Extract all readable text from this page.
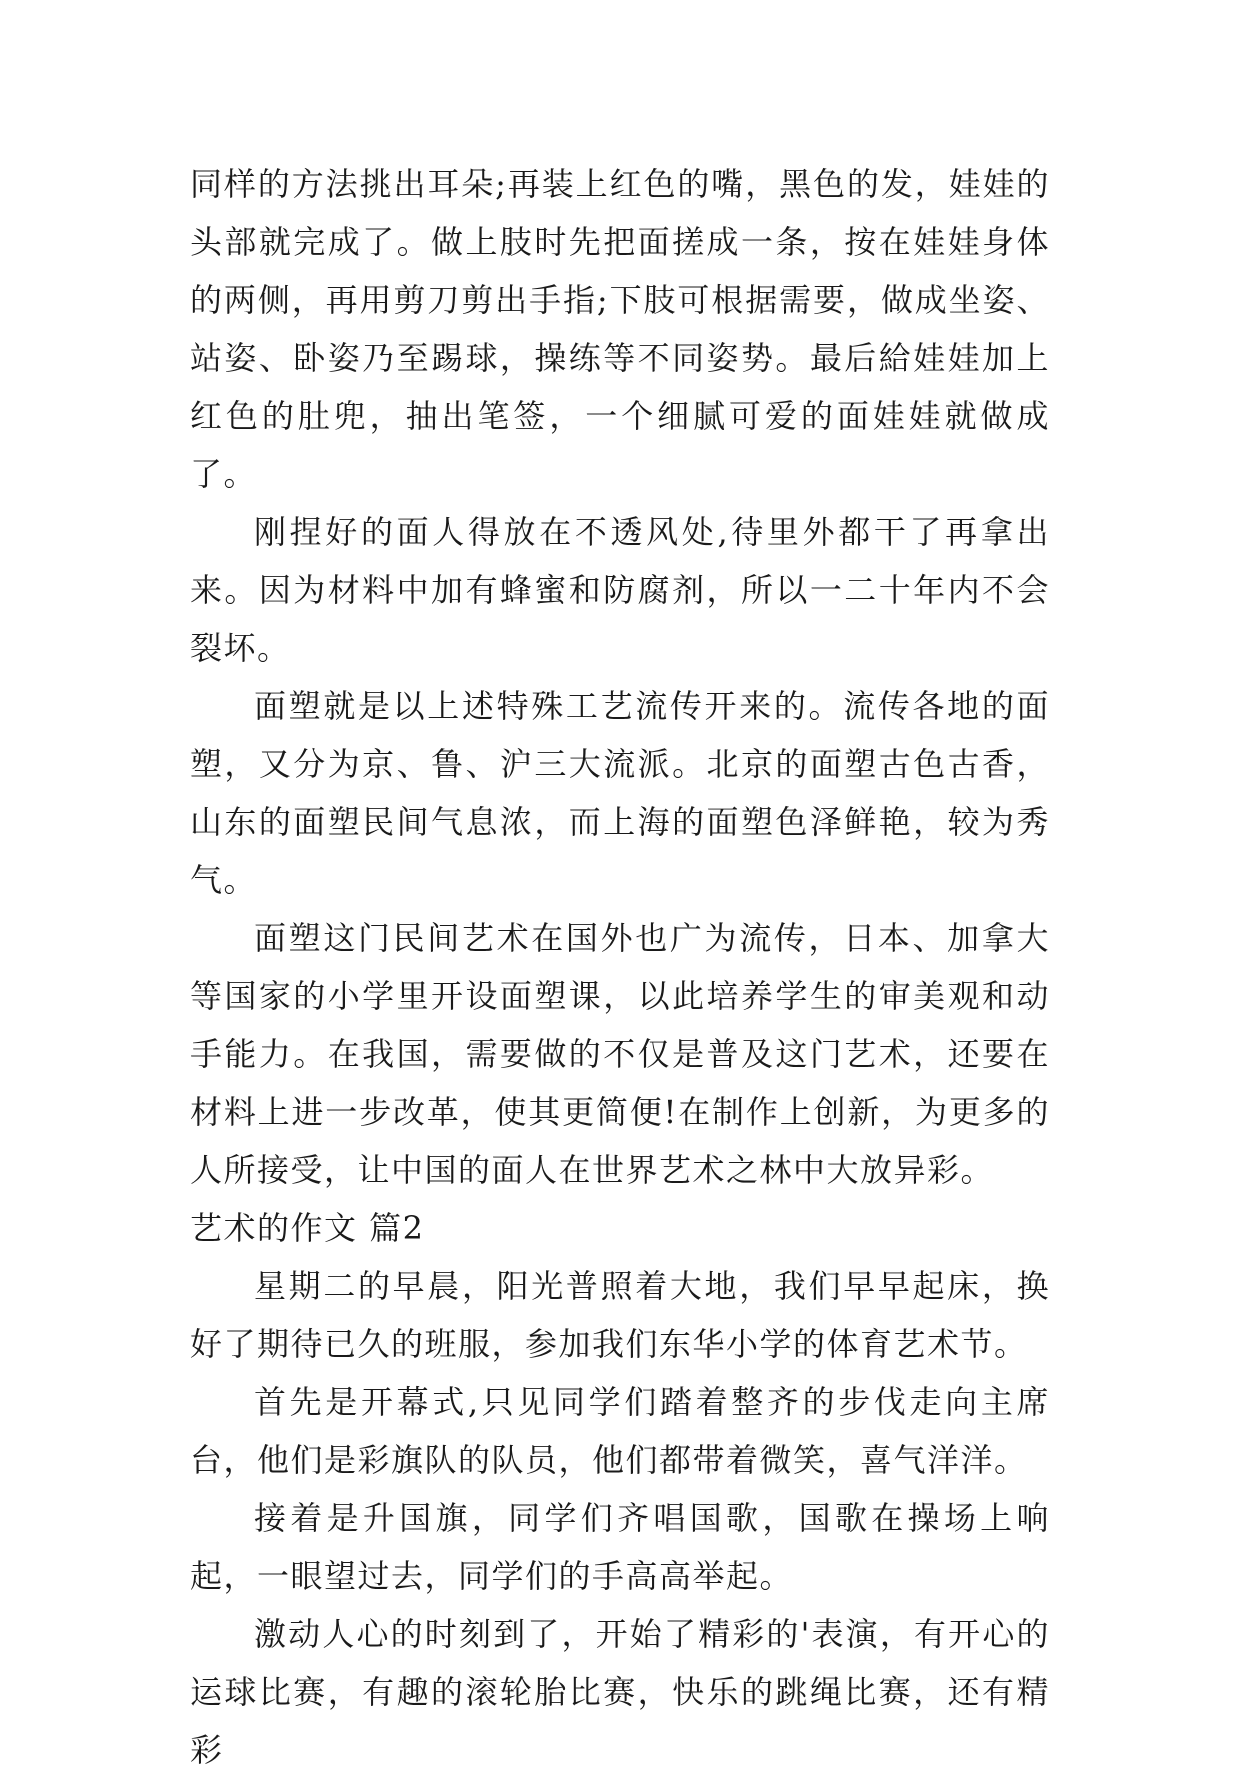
同样的方法挑出耳朵;再装上红色的嘴，黑色的发，娃娃的头部就完成了。做上肢时先把面搓成一条，按在娃娃身体的两侧，再用剪刀剪出手指;下肢可根据需要，做成坐姿、站姿、卧姿乃至踢球，操练等不同姿势。最后給娃娃加上红色的肚兜，抽出笔签，一个细腻可爱的面娃娃就做成了。

刚捏好的面人得放在不透风处,待里外都干了再拿出来。因为材料中加有蜂蜜和防腐剂，所以一二十年内不会裂坏。

面塑就是以上述特殊工艺流传开来的。流传各地的面塑，又分为京、鲁、沪三大流派。北京的面塑古色古香，山东的面塑民间气息浓，而上海的面塑色泽鲜艳，较为秀气。

面塑这门民间艺术在国外也广为流传，日本、加拿大等国家的小学里开设面塑课，以此培养学生的审美观和动手能力。在我国，需要做的不仅是普及这门艺术，还要在材料上进一步改革，使其更简便!在制作上创新，为更多的人所接受，让中国的面人在世界艺术之林中大放异彩。

艺术的作文 篇2

星期二的早晨，阳光普照着大地，我们早早起床，换好了期待已久的班服，参加我们东华小学的体育艺术节。

首先是开幕式,只见同学们踏着整齐的步伐走向主席台，他们是彩旗队的队员，他们都带着微笑，喜气洋洋。

接着是升国旗，同学们齐唱国歌，国歌在操场上响起，一眼望过去，同学们的手高高举起。

激动人心的时刻到了，开始了精彩的'表演，有开心的运球比赛，有趣的滚轮胎比赛，快乐的跳绳比赛，还有精彩
